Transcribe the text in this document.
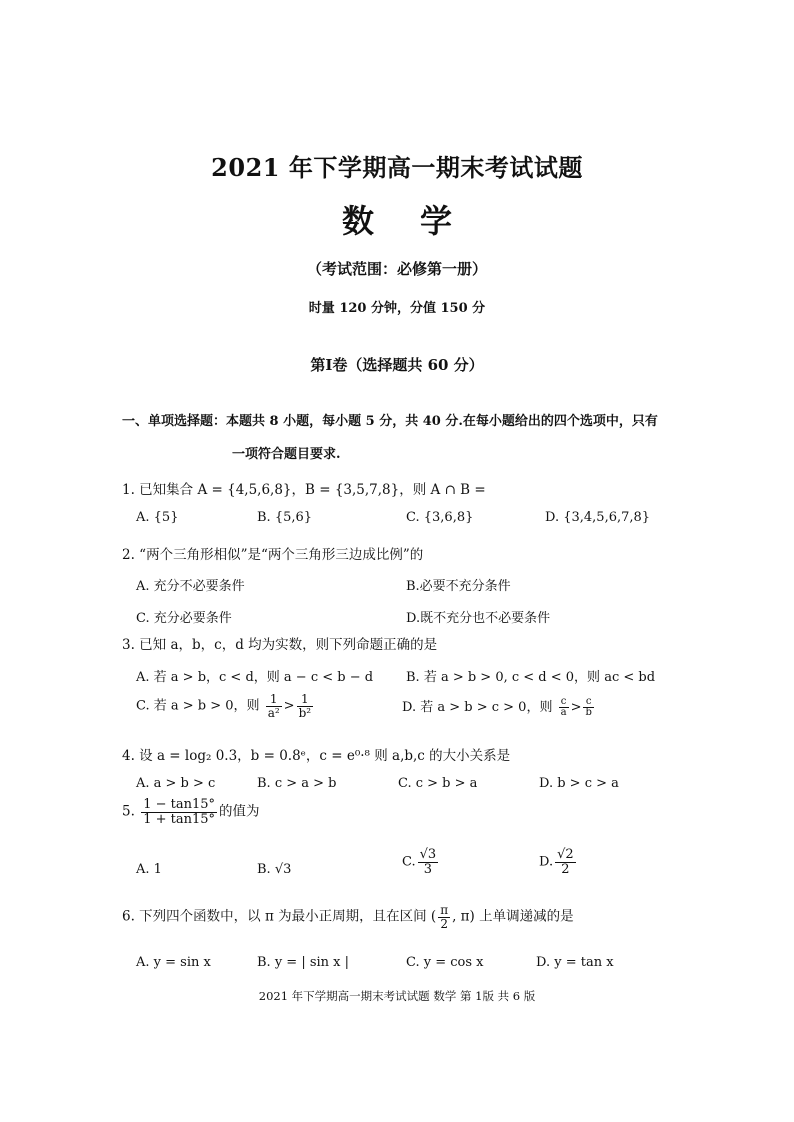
2021 年下学期高一期末考试试题
数学
（考试范围：必修第一册）
时量 120 分钟，分值 150 分
第Ⅰ卷（选择题共 60 分）
一、单项选择题：本题共 8 小题，每小题 5 分，共 40 分.在每小题给出的四个选项中，只有
一项符合题目要求.
1. 已知集合 A = {4,5,6,8}，B = {3,5,7,8}，则 A ∩ B =
A. {5}	B. {5,6}	C. {3,6,8}	D. {3,4,5,6,7,8}
2. “两个三角形相似”是“两个三角形三边成比例”的
A. 充分不必要条件	B.必要不充分条件
C. 充分必要条件	D.既不充分也不必要条件
3. 已知 a，b，c，d 均为实数，则下列命题正确的是
A. 若 a > b，c < d，则 a − c < b − d	B. 若 a > b > 0, c < d < 0，则 ac < bd
C. 若 a > b > 0，则 $\frac{1}{\text{a²}} > \frac{1}{\text{b²}}$	D. 若 a > b > c > 0，则 $\frac{c}{a} > \frac{c}{b}$
4. 设 a = log₂ 0.3，b = 0.8ᵉ，c = e⁰·⁸ 则 a,b,c 的大小关系是
A. a > b > c	B. c > a > b	C. c > b > a	D. b > c > a
5. $\frac{1 - \tan 15^\circ}{1 + \tan 15^\circ}$ 的值为
A. 1	B. √3	C. $\frac{√3}{3}$	D. $\frac{√2}{2}$
6. 下列四个函数中，以 π 为最小正周期，且在区间 ( $\frac{\pi}{2}$ , π) 上单调递减的是
A. y = sin x	B. y = | sin x |	C. y = cos x	D. y = tan x
2021 年下学期高一期末考试试题 数学 第 1版 共 6 版
